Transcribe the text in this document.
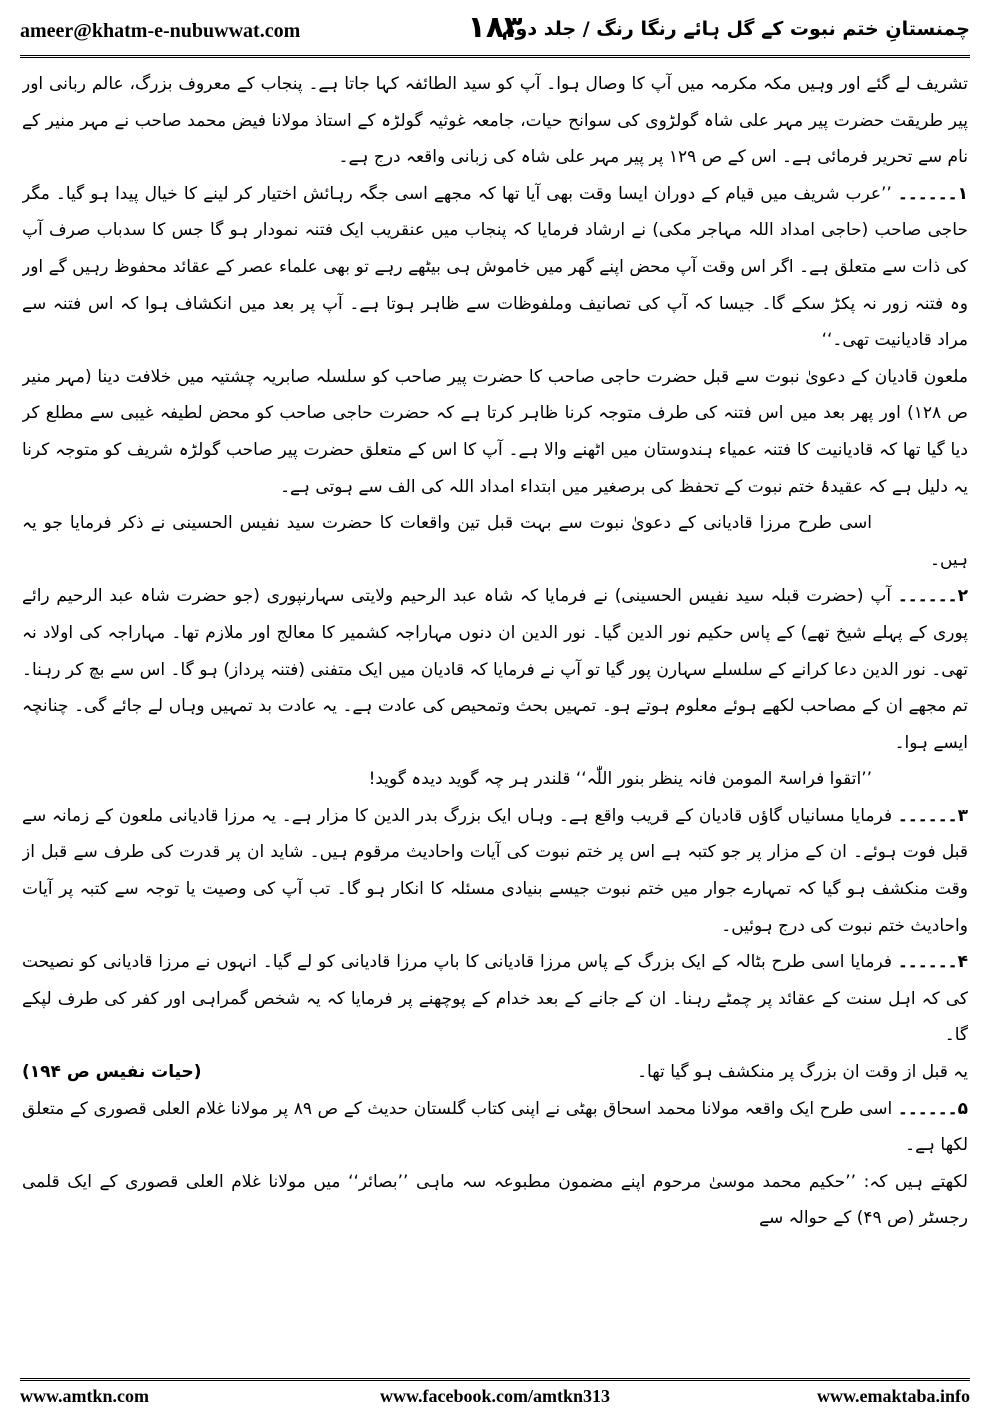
ameer@khatm-e-nubuwwat.com	۱۸۳
چمنستانِ ختم نبوت کے گل ہائے رنگا رنگ / جلد دوم

تشریف لے گئے اور وہیں مکہ مکرمہ میں آپ کا وصال ہوا۔ آپ کو سید الطائفہ کہا جاتا ہے۔ پنجاب کے معروف بزرگ، عالم ربانی اور پیر طریقت حضرت پیر مہر علی شاہ گولڑوی کی سوانح حیات، جامعہ غوثیہ گولڑہ کے استاذ مولانا فیض محمد صاحب نے مہر منیر کے نام سے تحریر فرمائی ہے۔ اس کے ص ۱۲۹ پر پیر مہر علی شاہ کی زبانی واقعہ درج ہے۔

۱۔۔۔۔۔۔ ’’عرب شریف میں قیام کے دوران ایسا وقت بھی آیا تھا کہ مجھے اسی جگہ رہائش اختیار کر لینے کا خیال پیدا ہو گیا۔ مگر حاجی صاحب (حاجی امداد اللہ مہاجر مکی) نے ارشاد فرمایا کہ پنجاب میں عنقریب ایک فتنہ نمودار ہو گا جس کا سدباب صرف آپ کی ذات سے متعلق ہے۔ اگر اس وقت آپ محض اپنے گھر میں خاموش ہی بیٹھے رہے تو بھی علماء عصر کے عقائد محفوظ رہیں گے اور وہ فتنہ زور نہ پکڑ سکے گا۔ جیسا کہ آپ کی تصانیف وملفوظات سے ظاہر ہوتا ہے۔ آپ پر بعد میں انکشاف ہوا کہ اس فتنہ سے مراد قادیانیت تھی۔‘‘

ملعون قادیان کے دعویٰ نبوت سے قبل حضرت حاجی صاحب کا حضرت پیر صاحب کو سلسلہ صابریہ چشتیہ میں خلافت دینا (مہر منیر ص ۱۲۸) اور پھر بعد میں اس فتنہ کی طرف متوجہ کرنا ظاہر کرتا ہے کہ حضرت حاجی صاحب کو محض لطیفہ غیبی سے مطلع کر دیا گیا تھا کہ قادیانیت کا فتنہ عمیاء ہندوستان میں اٹھنے والا ہے۔ آپ کا اس کے متعلق حضرت پیر صاحب گولڑہ شریف کو متوجہ کرنا یہ دلیل ہے کہ عقیدۂ ختم نبوت کے تحفظ کی برصغیر میں ابتداء امداد اللہ کی الف سے ہوتی ہے۔

اسی طرح مرزا قادیانی کے دعویٰ نبوت سے بہت قبل تین واقعات کا حضرت سید نفیس الحسینی نے ذکر فرمایا جو یہ ہیں۔

۲۔۔۔۔۔۔ آپ (حضرت قبلہ سید نفیس الحسینی) نے فرمایا کہ شاہ عبد الرحیم ولایتی سہارنپوری (جو حضرت شاہ عبد الرحیم رائے پوری کے پہلے شیخ تھے) کے پاس حکیم نور الدین گیا۔ نور الدین ان دنوں مہاراجہ کشمیر کا معالج اور ملازم تھا۔ مہاراجہ کی اولاد نہ تھی۔ نور الدین دعا کرانے کے سلسلے سہارن پور گیا تو آپ نے فرمایا کہ قادیان میں ایک متفنی (فتنہ پرداز) ہو گا۔ اس سے بچ کر رہنا۔ تم مجھے ان کے مصاحب لکھے ہوئے معلوم ہوتے ہو۔ تمہیں بحث وتمحیص کی عادت ہے۔ یہ عادت بد تمہیں وہاں لے جائے گی۔ چنانچہ ایسے ہوا۔

’’اتقوا فراسۃ المومن فانہ ینظر بنور اللّٰہ‘‘ قلندر ہر چہ گوید دیدہ گوید!

۳۔۔۔۔۔۔ فرمایا مسانیاں گاؤں قادیان کے قریب واقع ہے۔ وہاں ایک بزرگ بدر الدین کا مزار ہے۔ یہ مرزا قادیانی ملعون کے زمانہ سے قبل فوت ہوئے۔ ان کے مزار پر جو کتبہ ہے اس پر ختم نبوت کی آیات واحادیث مرقوم ہیں۔ شاید ان پر قدرت کی طرف سے قبل از وقت منکشف ہو گیا کہ تمہارے جوار میں ختم نبوت جیسے بنیادی مسئلہ کا انکار ہو گا۔ تب آپ کی وصیت یا توجہ سے کتبہ پر آیات واحادیث ختم نبوت کی درج ہوئیں۔

۴۔۔۔۔۔۔ فرمایا اسی طرح بٹالہ کے ایک بزرگ کے پاس مرزا قادیانی کا باپ مرزا قادیانی کو لے گیا۔ انہوں نے مرزا قادیانی کو نصیحت کی کہ اہل سنت کے عقائد پر چمٹے رہنا۔ ان کے جانے کے بعد خدام کے پوچھنے پر فرمایا کہ یہ شخص گمراہی اور کفر کی طرف لپکے گا۔

(حیات نفیس ص ۱۹۴)	یہ قبل از وقت ان بزرگ پر منکشف ہو گیا تھا۔

۵۔۔۔۔۔۔ اسی طرح ایک واقعہ مولانا محمد اسحاق بھٹی نے اپنی کتاب گلستان حدیث کے ص ۸۹ پر مولانا غلام العلی قصوری کے متعلق لکھا ہے۔

لکھتے ہیں کہ: ’’حکیم محمد موسیٰ مرحوم اپنے مضمون مطبوعہ سہ ماہی ’’بصائر‘‘ میں مولانا غلام العلی قصوری کے ایک قلمی رجسٹر (ص ۴۹) کے حوالہ سے

www.amtkn.com	www.facebook.com/amtkn313	www.emaktaba.info
